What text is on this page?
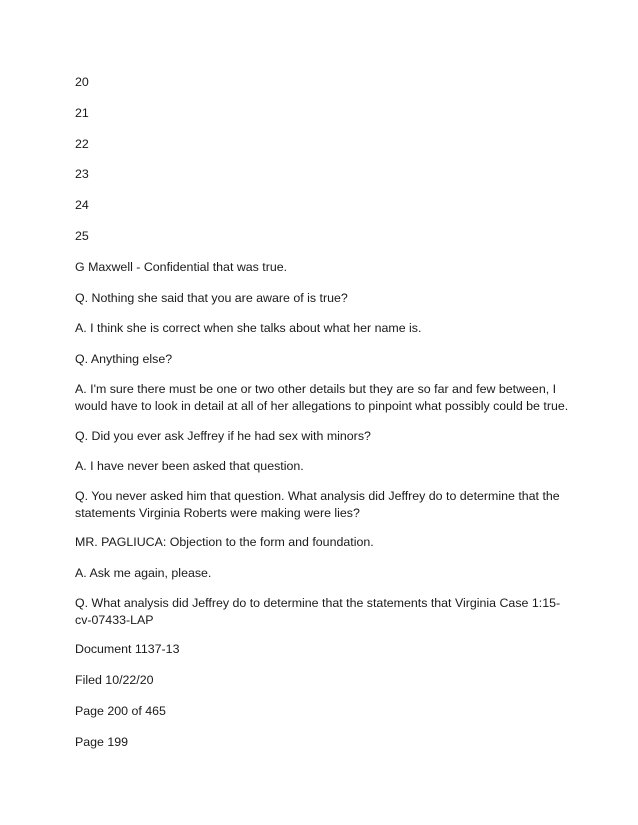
20

21

22

23

24

25

G Maxwell - Confidential that was true.

Q. Nothing she said that you are aware of is true?

A. I think she is correct when she talks about what her name is.

Q. Anything else?

A. I'm sure there must be one or two other details but they are so far and few between, I would have to look in detail at all of her allegations to pinpoint what possibly could be true.

Q. Did you ever ask Jeffrey if he had sex with minors?

A. I have never been asked that question.

Q. You never asked him that question. What analysis did Jeffrey do to determine that the statements Virginia Roberts were making were lies?

MR. PAGLIUCA: Objection to the form and foundation.

A. Ask me again, please.

Q. What analysis did Jeffrey do to determine that the statements that Virginia Case 1:15-cv-07433-LAP

Document 1137-13

Filed 10/22/20

Page 200 of 465

Page 199
